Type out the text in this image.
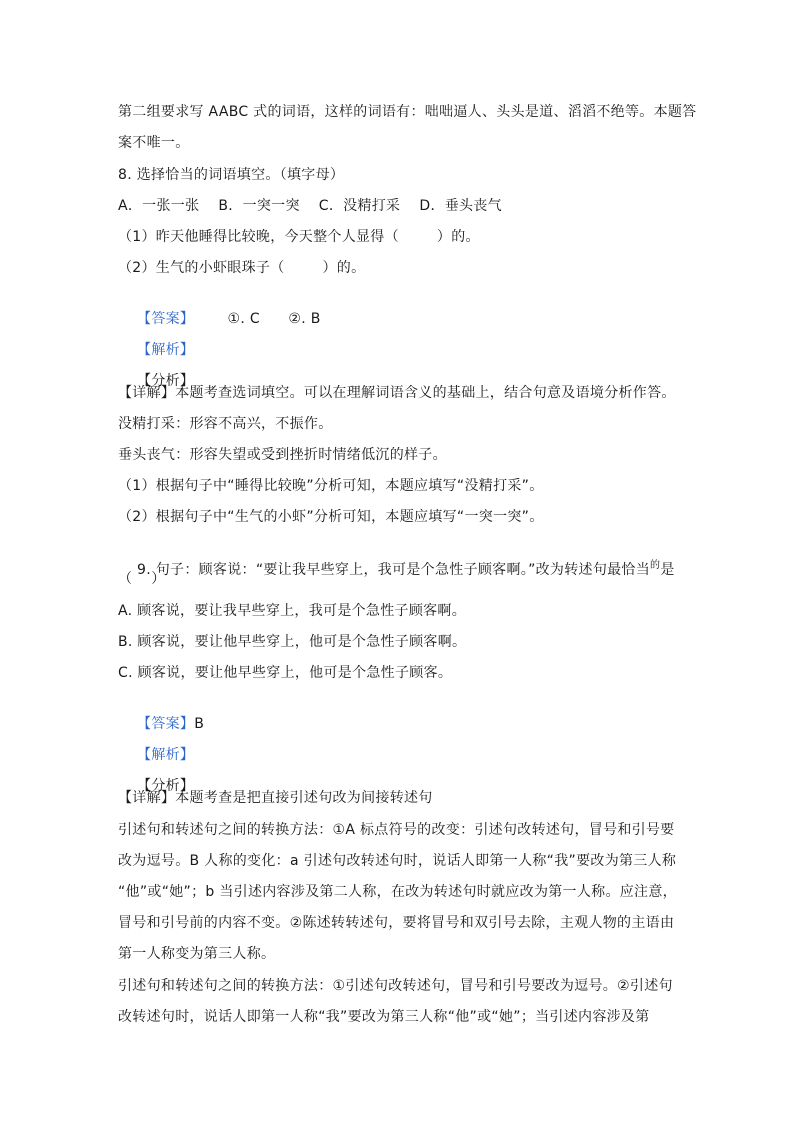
第二组要求写 AABC 式的词语，这样的词语有：咄咄逼人、头头是道、滔滔不绝等。本题答
案不唯一。
8. 选择恰当的词语填空。（填字母）
A．一张一张    B．一突一突    C．没精打采    D．垂头丧气
（1）昨天他睡得比较晚，今天整个人显得（        ）的。
（2）生气的小虾眼珠子（        ）的。

【答案】       ①. C      ②. B

【解析】

【分析】

【详解】本题考查选词填空。可以在理解词语含义的基础上，结合句意及语境分析作答。
没精打采：形容不高兴，不振作。
垂头丧气：形容失望或受到挫折时情绪低沉的样子。
（1）根据句子中“睡得比较晚”分析可知，本题应填写“没精打采”。
（2）根据句子中“生气的小虾”分析可知，本题应填写“一突一突”。

9. 句子：顾客说：“要让我早些穿上，我可是个急性子顾客啊。”改为转述句最恰当$^的$是

（    ）
A. 顾客说，要让我早些穿上，我可是个急性子顾客啊。
B. 顾客说，要让他早些穿上，他可是个急性子顾客啊。
C. 顾客说，要让他早些穿上，他可是个急性子顾客。

【答案】B

【解析】

【分析】

【详解】本题考查是把直接引述句改为间接转述句
引述句和转述句之间的转换方法：①A 标点符号的改变：引述句改转述句，冒号和引号要
改为逗号。B 人称的变化：a 引述句改转述句时，说话人即第一人称“我”要改为第三人称
“他”或“她”；b 当引述内容涉及第二人称，在改为转述句时就应改为第一人称。应注意，
冒号和引号前的内容不变。②陈述转转述句，要将冒号和双引号去除，主观人物的主语由
第一人称变为第三人称。
引述句和转述句之间的转换方法：①引述句改转述句，冒号和引号要改为逗号。②引述句
改转述句时，说话人即第一人称“我”要改为第三人称“他”或“她”；当引述内容涉及第
